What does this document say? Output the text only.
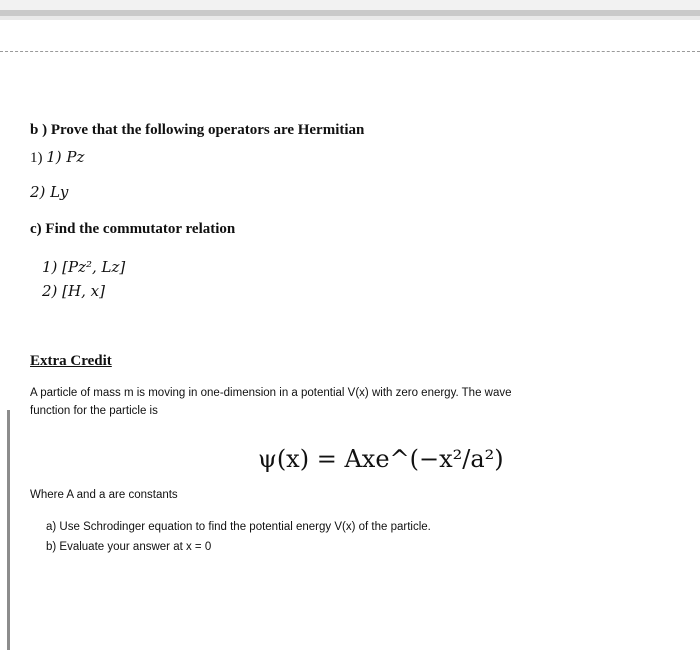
b ) Prove that the following operators are Hermitian
1) 1) Pz
2) Ly
c) Find the commutator relation
1) [Pz², Lz]
2) [H, x]
Extra Credit
A particle of mass m is moving in one-dimension in a potential V(x) with zero energy. The wave
function for the particle is
ψ(x) = Axe^(−x²/a²)
Where A and a are constants
a) Use Schrodinger equation to find the potential energy V(x) of the particle.
b) Evaluate your answer at x = 0
